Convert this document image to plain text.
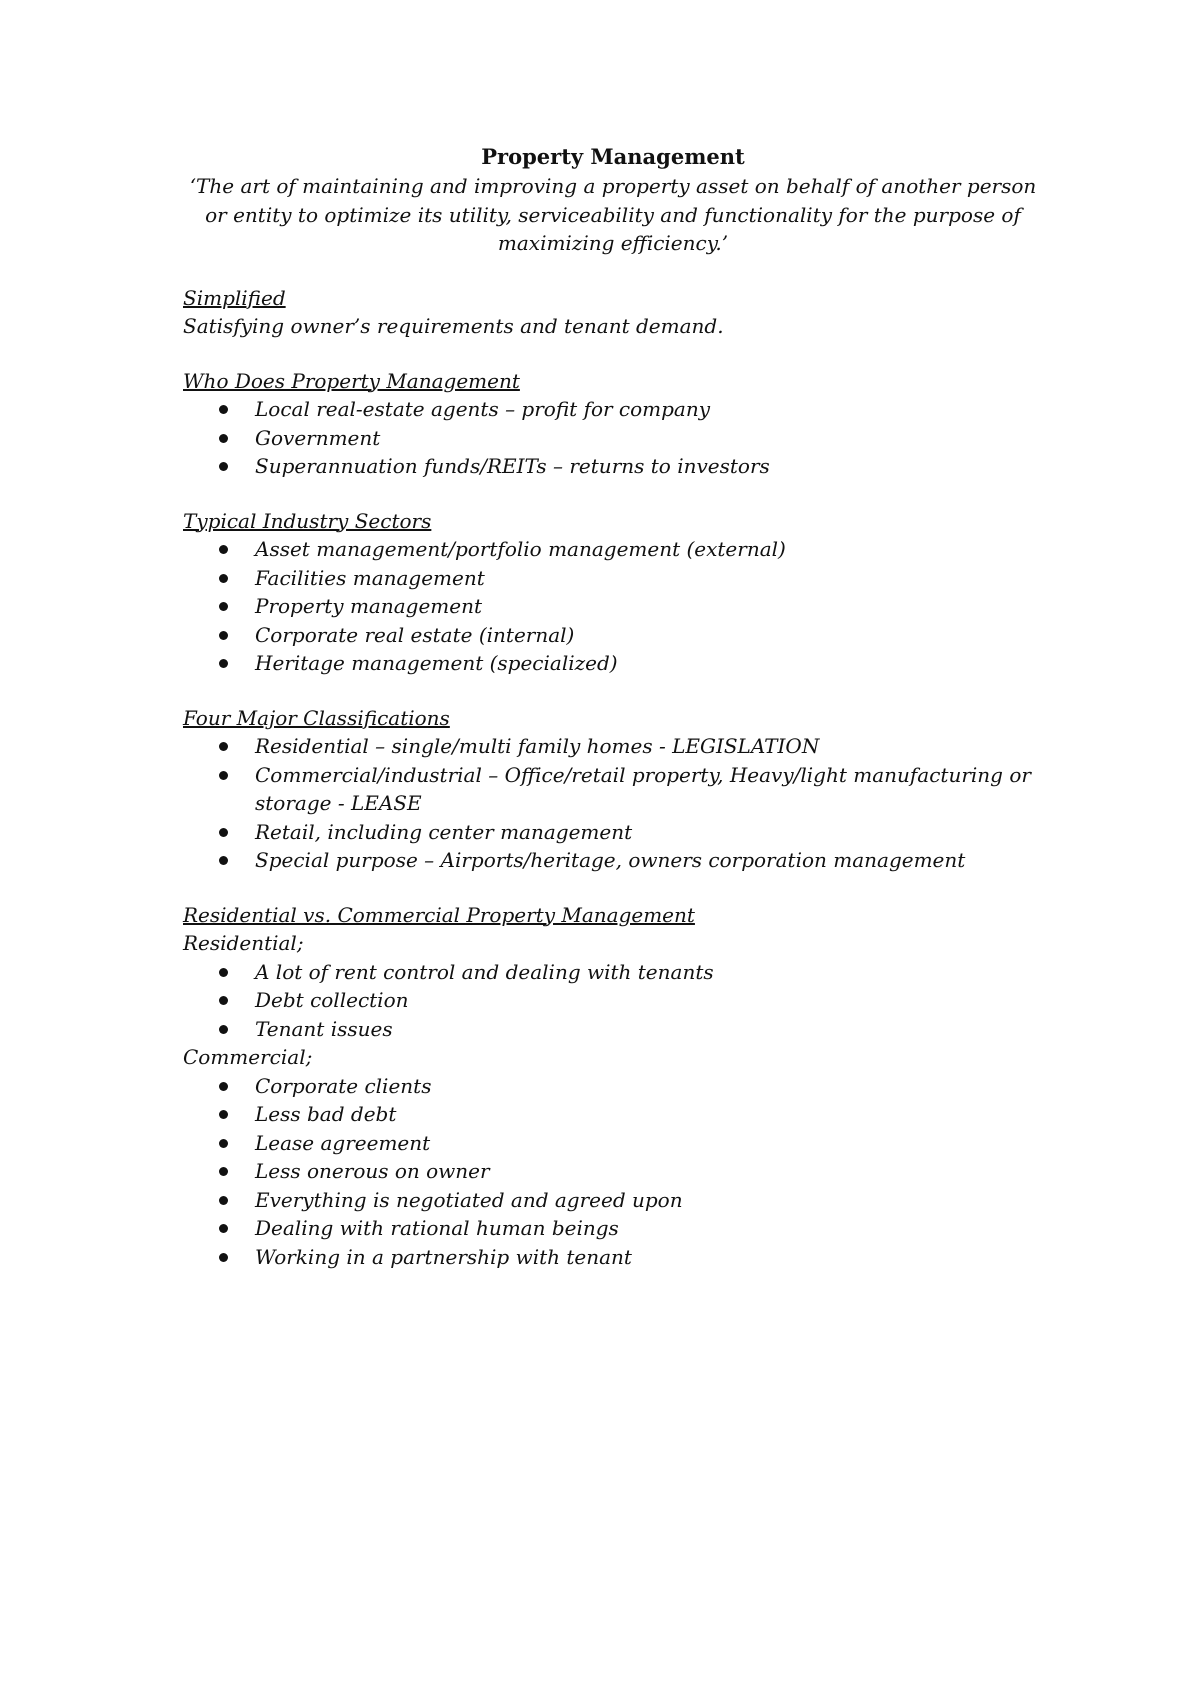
Property Management

‘The art of maintaining and improving a property asset on behalf of another person
or entity to optimize its utility, serviceability and functionality for the purpose of
maximizing efficiency.’

Simplified

Satisfying owner’s requirements and tenant demand.

Who Does Property Management

Local real-estate agents – profit for company
Government
Superannuation funds/REITs – returns to investors

Typical Industry Sectors

Asset management/portfolio management (external)
Facilities management
Property management
Corporate real estate (internal)
Heritage management (specialized)

Four Major Classifications

Residential – single/multi family homes - LEGISLATION
Commercial/industrial – Office/retail property, Heavy/light manufacturing or storage - LEASE
Retail, including center management
Special purpose – Airports/heritage, owners corporation management

Residential vs. Commercial Property Management

Residential;

A lot of rent control and dealing with tenants
Debt collection
Tenant issues

Commercial;

Corporate clients
Less bad debt
Lease agreement
Less onerous on owner
Everything is negotiated and agreed upon
Dealing with rational human beings
Working in a partnership with tenant
